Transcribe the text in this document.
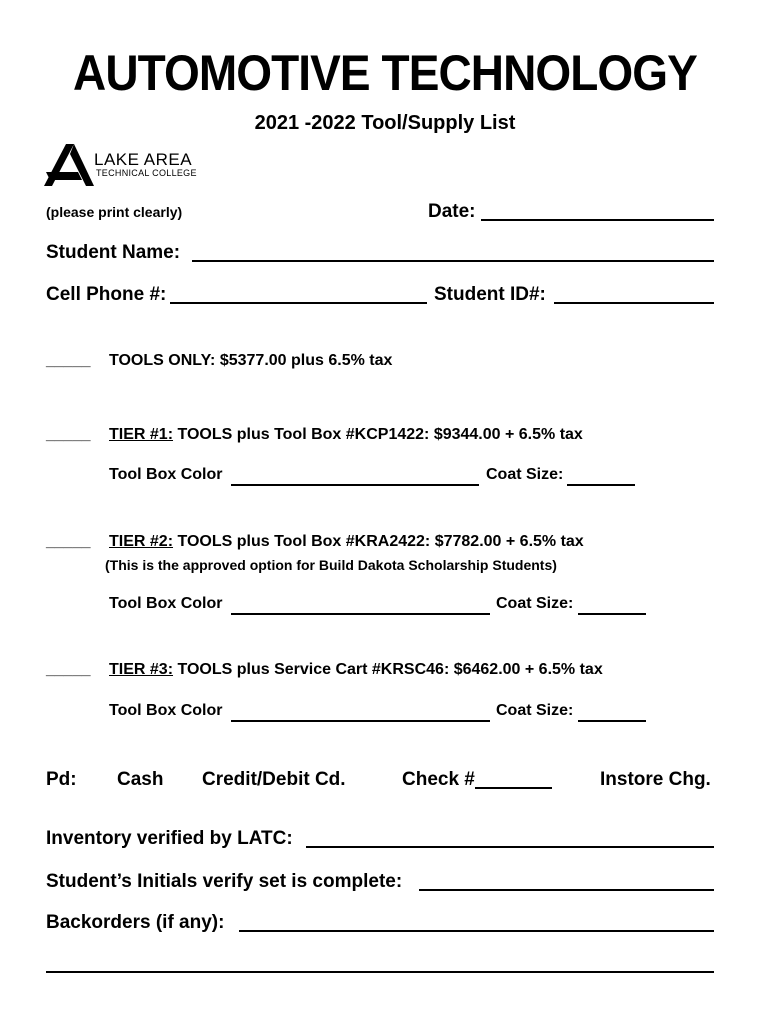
AUTOMOTIVE TECHNOLOGY
2021 -2022 Tool/Supply List
LAKE AREA
TECHNICAL COLLEGE
(please print clearly)	Date:
Student Name:
Cell Phone #:	Student ID#:
_____ TOOLS ONLY: $5377.00 plus 6.5% tax
_____ TIER #1: TOOLS plus Tool Box #KCP1422: $9344.00 + 6.5% tax
Tool Box Color	Coat Size:
_____ TIER #2: TOOLS plus Tool Box #KRA2422: $7782.00 + 6.5% tax
(This is the approved option for Build Dakota Scholarship Students)
Tool Box Color	Coat Size:
_____ TIER #3: TOOLS plus Service Cart #KRSC46: $6462.00 + 6.5% tax
Tool Box Color	Coat Size:
Pd: Cash Credit/Debit Cd.	Check #	Instore Chg.
Inventory verified by LATC:
Student’s Initials verify set is complete:
Backorders (if any):
